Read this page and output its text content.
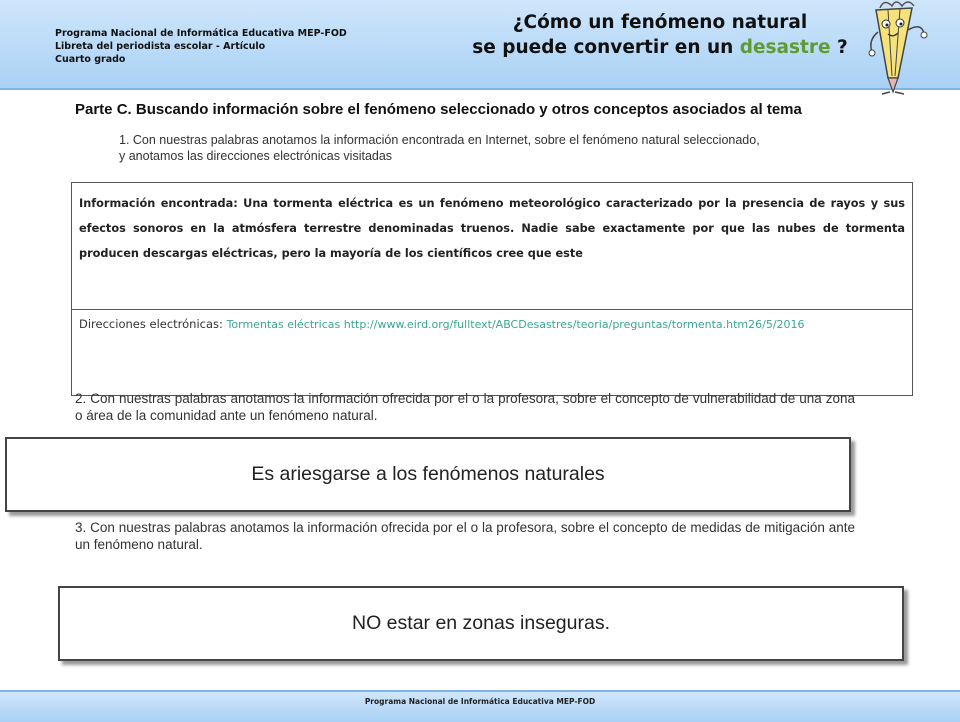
Programa Nacional de Informática Educativa MEP-FOD
Libreta del periodista escolar - Artículo
Cuarto grado
¿Cómo un fenómeno natural
se puede convertir en un desastre ?
Parte C. Buscando información sobre el fenómeno seleccionado y otros conceptos asociados al tema
1. Con nuestras palabras anotamos la información encontrada en Internet, sobre el fenómeno natural seleccionado,
y anotamos las direcciones electrónicas visitadas
Información encontrada: Una tormenta eléctrica es un fenómeno meteorológico caracterizado por la presencia de rayos y sus efectos sonoros en la atmósfera terrestre denominadas truenos. Nadie sabe exactamente por que las nubes de tormenta producen descargas eléctricas, pero la mayoría de los científicos cree que este
Direcciones electrónicas: Tormentas eléctricas http://www.eird.org/fulltext/ABCDesastres/teoria/preguntas/tormenta.htm26/5/2016
2. Con nuestras palabras anotamos la información ofrecida por el o la profesora, sobre el concepto de vulnerabilidad de una zona o área de la comunidad ante un fenómeno natural.
Es ariesgarse a los fenómenos naturales
3. Con nuestras palabras anotamos la información ofrecida por el o la profesora, sobre el concepto de medidas de mitigación ante un fenómeno natural.
NO estar en zonas inseguras.
Programa Nacional de Informática Educativa MEP-FOD
